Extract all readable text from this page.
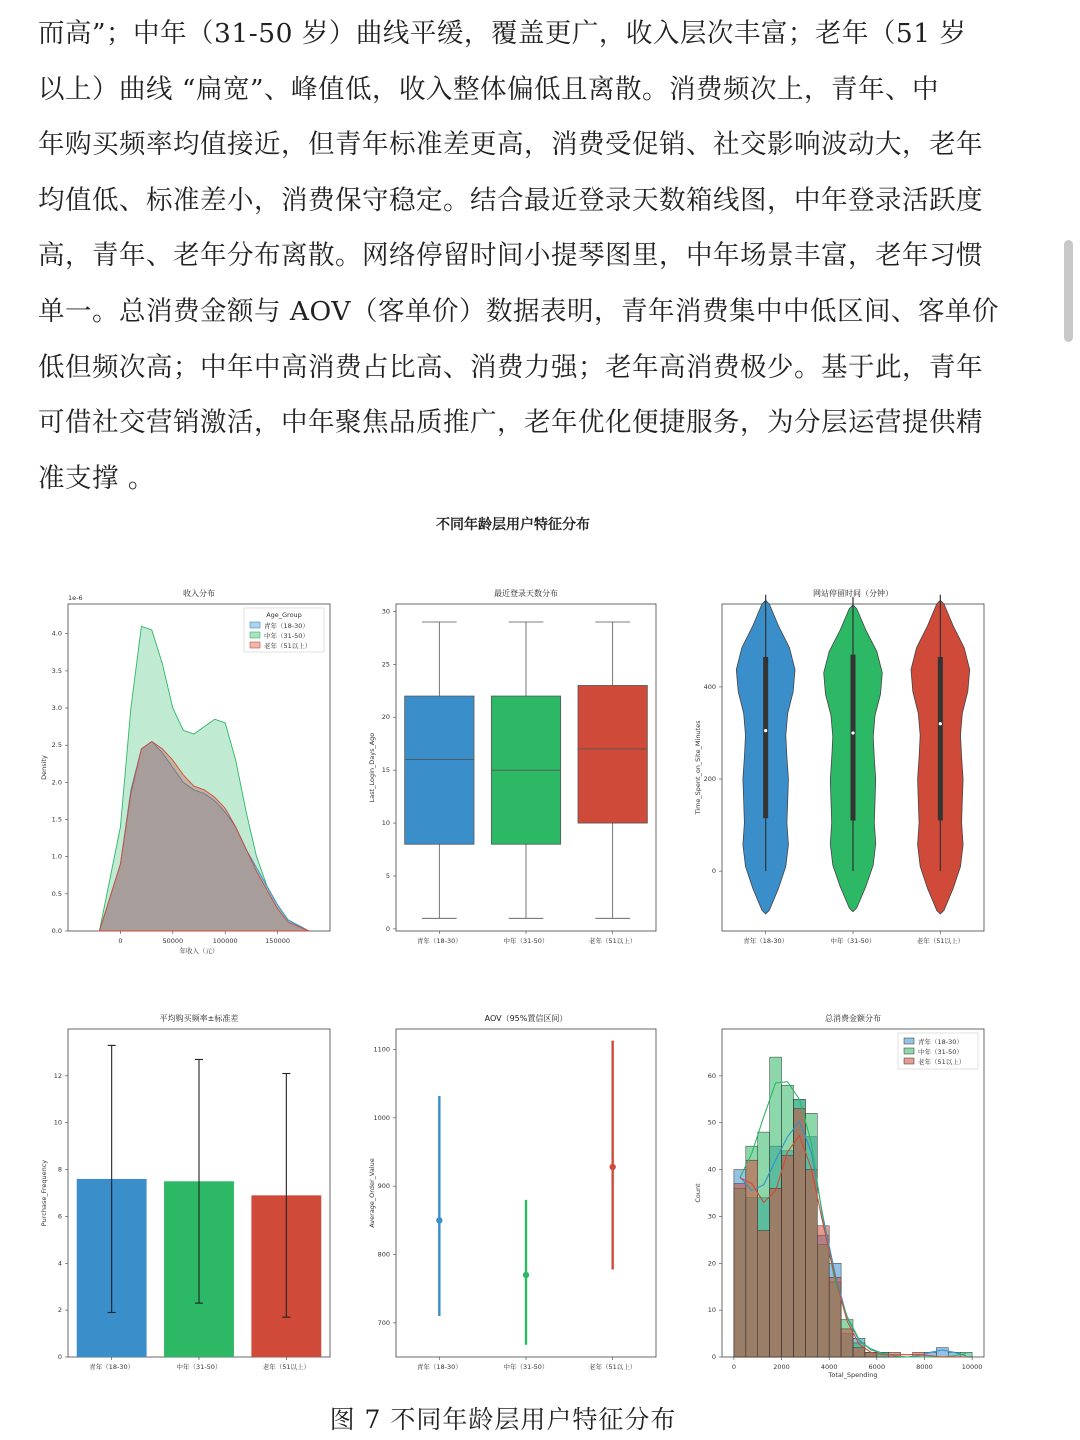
而高”；中年（31-50 岁）曲线平缓，覆盖更广，收入层次丰富；老年（51 岁
以上）曲线 “扁宽”、峰值低，收入整体偏低且离散。消费频次上，青年、中
年购买频率均值接近，但青年标准差更高，消费受促销、社交影响波动大，老年
均值低、标准差小，消费保守稳定。结合最近登录天数箱线图，中年登录活跃度
高，青年、老年分布离散。网络停留时间小提琴图里，中年场景丰富，老年习惯
单一。总消费金额与 AOV（客单价）数据表明，青年消费集中中低区间、客单价
低但频次高；中年中高消费占比高、消费力强；老年高消费极少。基于此，青年
可借社交营销激活，中年聚焦品质推广，老年优化便捷服务，为分层运营提供精
准支撑 。
不同年龄层用户特征分布
收入分布
1e-6
0.0
0.5
1.0
1.5
2.0
2.5
3.0
3.5
4.0
0	50000	100000	150000
年收入（元）
Density
Age_Group
青年（18-30）
中年（31-50）
老年（51以上）
最近登录天数分布
0
5
10
15
20
25
30
青年（18-30）	中年（31-50）	老年（51以上）
Last_Login_Days_Ago
网站停留时间（分钟）
0
200
400
青年（18-30）	中年（31-50）	老年（51以上）
Time_Spent_on_Site_Minutes
平均购买频率±标准差
0
2
4
6
8
10
12
青年（18-30）	中年（31-50）	老年（51以上）
Purchase_Frequency
AOV（95%置信区间）
700
800
900
1000
1100
青年（18-30）	中年（31-50）	老年（51以上）
Average_Order_Value
总消费金额分布
0
10
20
30
40
50
60
0	2000	4000	6000	8000	10000
Total_Spending
Count
青年（18-30）
中年（31-50）
老年（51以上）
图 7 不同年龄层用户特征分布
